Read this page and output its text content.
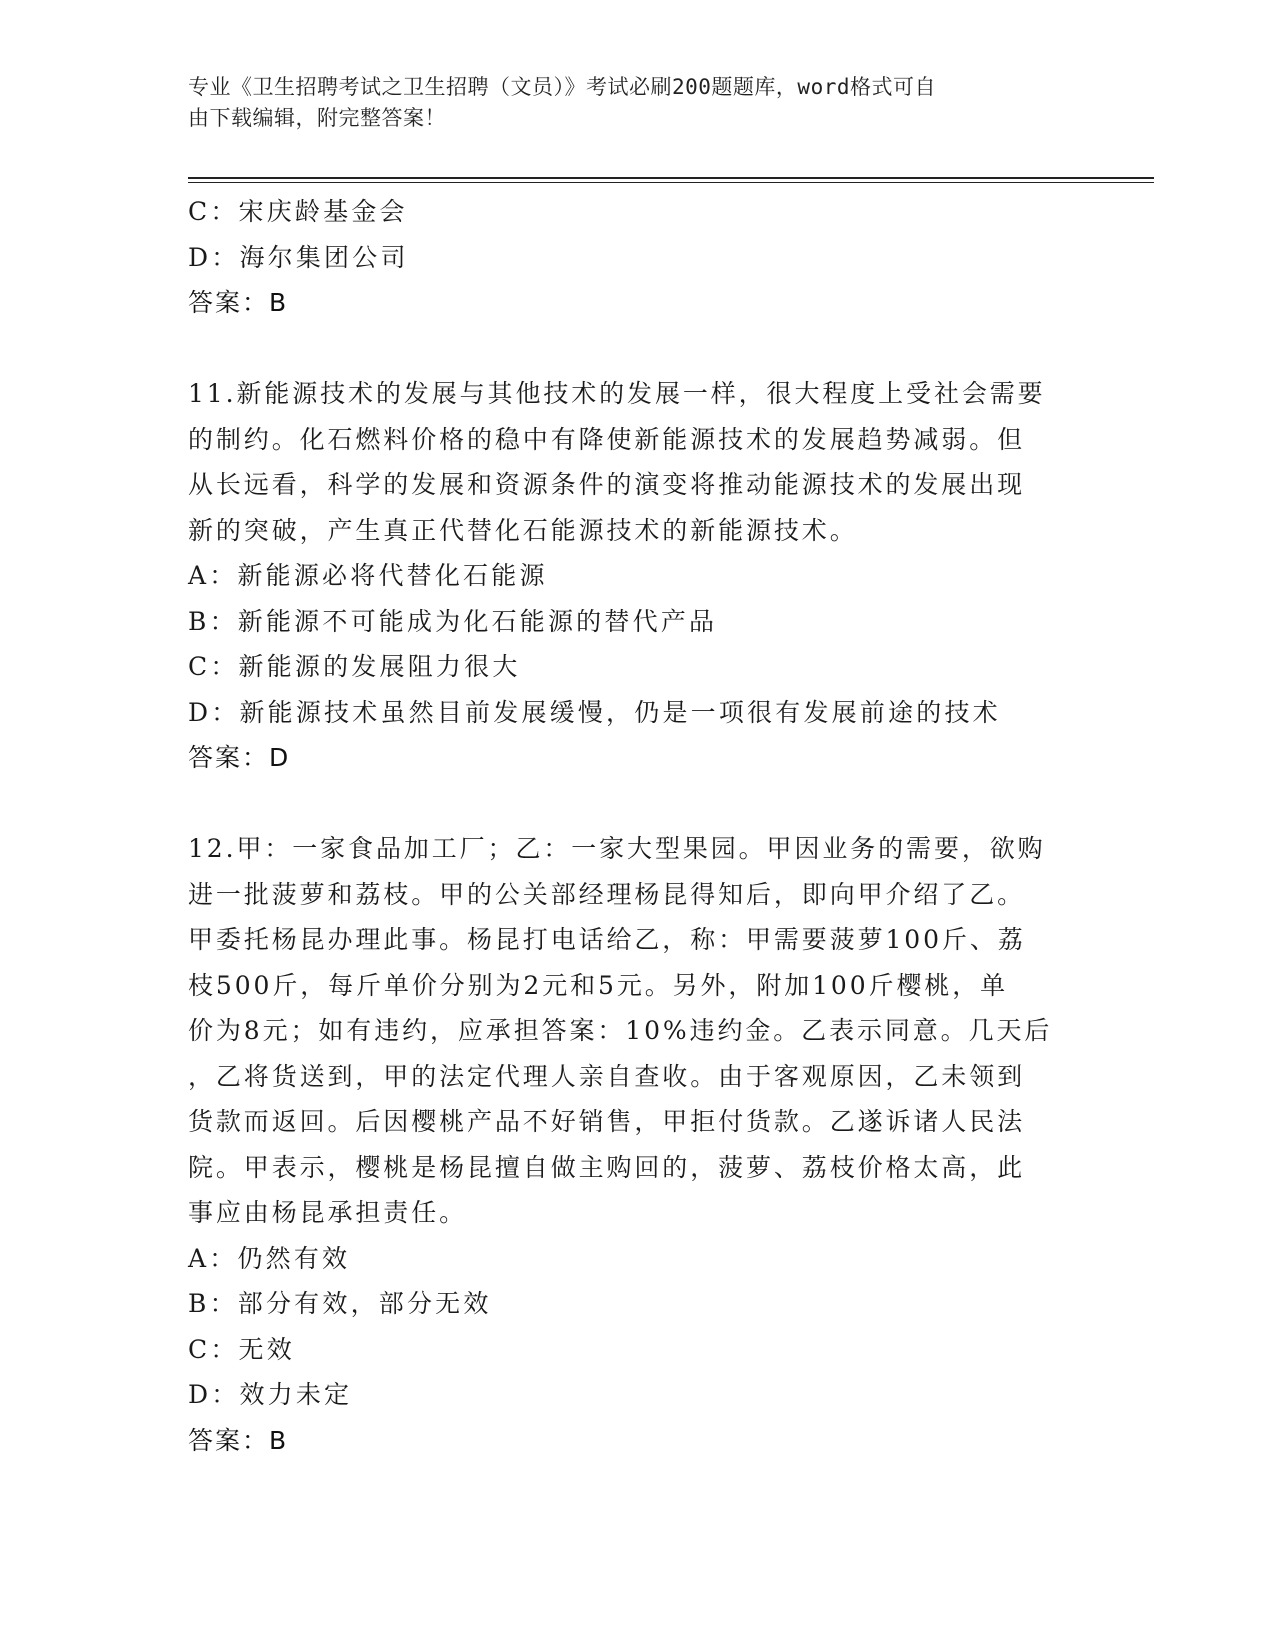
专业《卫生招聘考试之卫生招聘（文员）》考试必刷200题题库，word格式可自
由下载编辑，附完整答案！
C：宋庆龄基金会
D：海尔集团公司
答案：B
11.新能源技术的发展与其他技术的发展一样，很大程度上受社会需要
的制约。化石燃料价格的稳中有降使新能源技术的发展趋势减弱。但
从长远看，科学的发展和资源条件的演变将推动能源技术的发展出现
新的突破，产生真正代替化石能源技术的新能源技术。
A：新能源必将代替化石能源
B：新能源不可能成为化石能源的替代产品
C：新能源的发展阻力很大
D：新能源技术虽然目前发展缓慢，仍是一项很有发展前途的技术
答案：D
12.甲：一家食品加工厂；乙：一家大型果园。甲因业务的需要，欲购
进一批菠萝和荔枝。甲的公关部经理杨昆得知后，即向甲介绍了乙。
甲委托杨昆办理此事。杨昆打电话给乙，称：甲需要菠萝100斤、荔
枝500斤，每斤单价分别为2元和5元。另外，附加100斤樱桃，单
价为8元；如有违约，应承担答案：10%违约金。乙表示同意。几天后
，乙将货送到，甲的法定代理人亲自查收。由于客观原因，乙未领到
货款而返回。后因樱桃产品不好销售，甲拒付货款。乙遂诉诸人民法
院。甲表示，樱桃是杨昆擅自做主购回的，菠萝、荔枝价格太高，此
事应由杨昆承担责任。
A：仍然有效
B：部分有效，部分无效
C：无效
D：效力未定
答案：B
